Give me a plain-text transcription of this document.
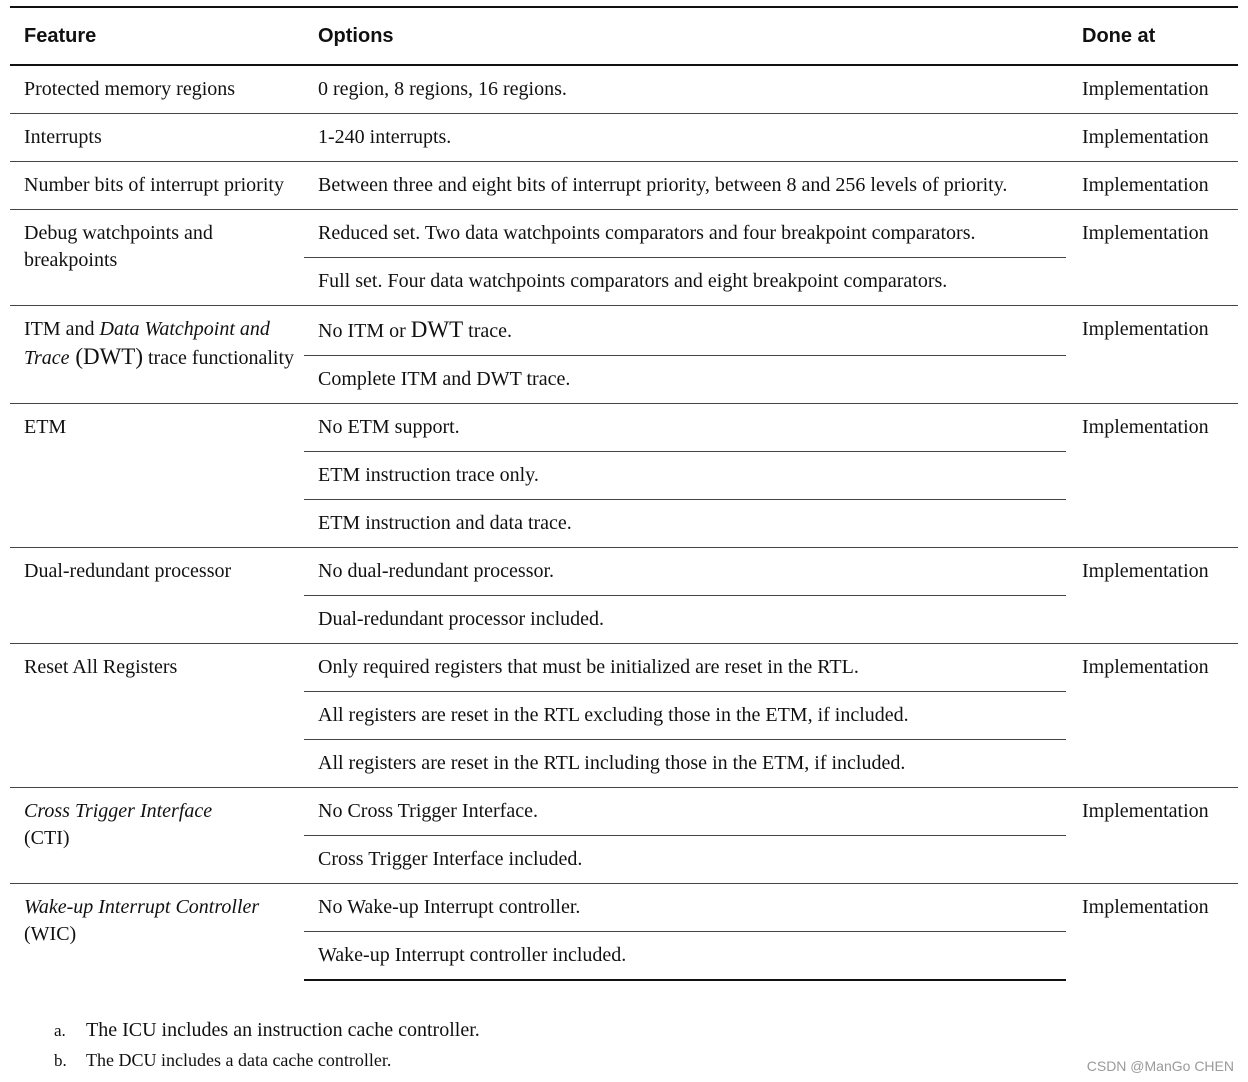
Feature	Options	Done at
Protected memory regions	0 region, 8 regions, 16 regions.	Implementation
Interrupts	1-240 interrupts.	Implementation
Number bits of interrupt priority	Between three and eight bits of interrupt priority, between 8 and 256 levels of priority.	Implementation
Debug watchpoints and breakpoints	Reduced set. Two data watchpoints comparators and four breakpoint comparators.	Implementation
	Full set. Four data watchpoints comparators and eight breakpoint comparators.	
ITM and Data Watchpoint and Trace (DWT) trace functionality	No ITM or DWT trace.	Implementation
	Complete ITM and DWT trace.	
ETM	No ETM support.	Implementation
	ETM instruction trace only.	
	ETM instruction and data trace.	
Dual-redundant processor	No dual-redundant processor.	Implementation
	Dual-redundant processor included.	
Reset All Registers	Only required registers that must be initialized are reset in the RTL.	Implementation
	All registers are reset in the RTL excluding those in the ETM, if included.	
	All registers are reset in the RTL including those in the ETM, if included.	
Cross Trigger Interface
(CTI)	No Cross Trigger Interface.	Implementation
	Cross Trigger Interface included.	
Wake-up Interrupt Controller
(WIC)	No Wake-up Interrupt controller.	Implementation
	Wake-up Interrupt controller included.	
a. The ICU includes an instruction cache controller.
b. The DCU includes a data cache controller.	CSDN @ManGo CHEN
